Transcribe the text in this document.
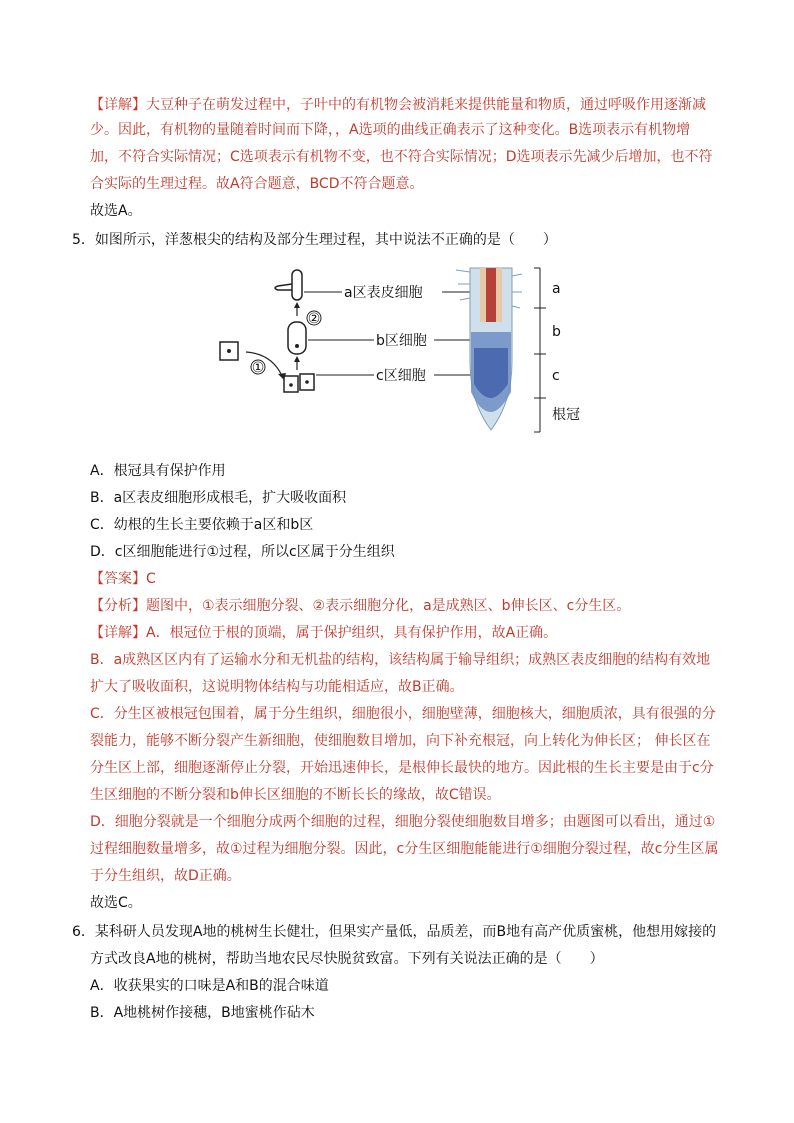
【详解】大豆种子在萌发过程中，子叶中的有机物会被消耗来提供能量和物质，通过呼吸作用逐渐减
少。因此，有机物的量随着时间而下降，，A选项的曲线正确表示了这种变化。B选项表示有机物增
加，不符合实际情况；C选项表示有机物不变，也不符合实际情况；D选项表示先减少后增加，也不符
合实际的生理过程。故A符合题意，BCD不符合题意。
故选A。
5．如图所示，洋葱根尖的结构及部分生理过程，其中说法不正确的是（　　）
②
①
a区表皮细胞
b区细胞
c区细胞
a
b
c
根冠
A．根冠具有保护作用
B．a区表皮细胞形成根毛，扩大吸收面积
C．幼根的生长主要依赖于a区和b区
D．c区细胞能进行①过程，所以c区属于分生组织
【答案】C
【分析】题图中，①表示细胞分裂、②表示细胞分化，a是成熟区、b伸长区、c分生区。
【详解】A．根冠位于根的顶端，属于保护组织，具有保护作用，故A正确。
B．a成熟区区内有了运输水分和无机盐的结构，该结构属于输导组织；成熟区表皮细胞的结构有效地
扩大了吸收面积，这说明物体结构与功能相适应，故B正确。
C．分生区被根冠包围着，属于分生组织，细胞很小，细胞壁薄，细胞核大，细胞质浓，具有很强的分
裂能力，能够不断分裂产生新细胞，使细胞数目增加，向下补充根冠，向上转化为伸长区； 伸长区在
分生区上部，细胞逐渐停止分裂，开始迅速伸长，是根伸长最快的地方。因此根的生长主要是由于c分
生区细胞的不断分裂和b伸长区细胞的不断长长的缘故，故C错误。
D．细胞分裂就是一个细胞分成两个细胞的过程，细胞分裂使细胞数目增多；由题图可以看出，通过①
过程细胞数量增多，故①过程为细胞分裂。因此，c分生区细胞能能进行①细胞分裂过程，故c分生区属
于分生组织，故D正确。
故选C。
6．某科研人员发现A地的桃树生长健壮，但果实产量低，品质差，而B地有高产优质蜜桃，他想用嫁接的
方式改良A地的桃树，帮助当地农民尽快脱贫致富。下列有关说法正确的是（　　）
A．收获果实的口味是A和B的混合味道
B．A地桃树作接穗，B地蜜桃作砧木
